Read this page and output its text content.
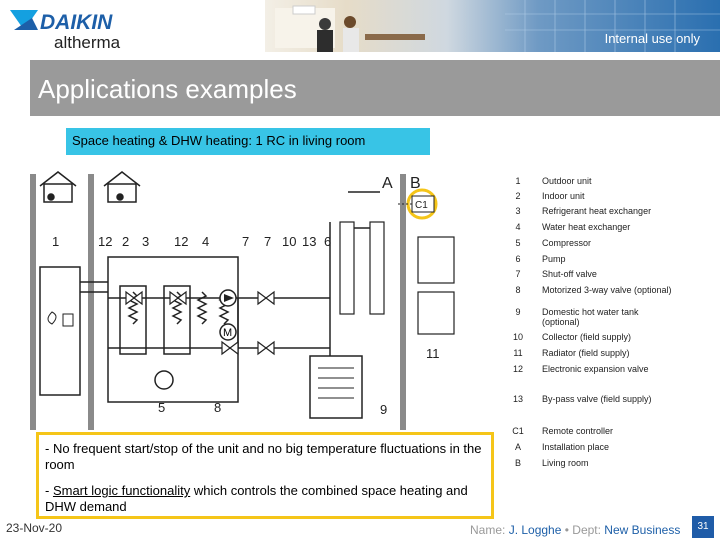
DAIKIN
altherma	Internal use only
Applications examples
Space heating & DHW heating: 1 RC in living room
M
A B
C1
1	12 2 3 12 4	7 7 10 13 6
5	8	9
11
1	Outdoor unit
2	Indoor unit
3	Refrigerant heat exchanger
4	Water heat exchanger
5	Compressor
6	Pump
7	Shut-off valve
8	Motorized 3-way valve (optional)
9	Domestic hot water tank (optional)
10	Collector (field supply)
11	Radiator (field supply)
12	Electronic expansion valve
13	By-pass valve (field supply)
C1 Remote controller
A	Installation place
B	Living room

- No frequent start/stop of the unit and no big temperature fluctuations in the room

- Smart logic functionality which controls the combined space heating and DHW demand

23-Nov-20	Name: J. Logghe • Dept: New Business	31
